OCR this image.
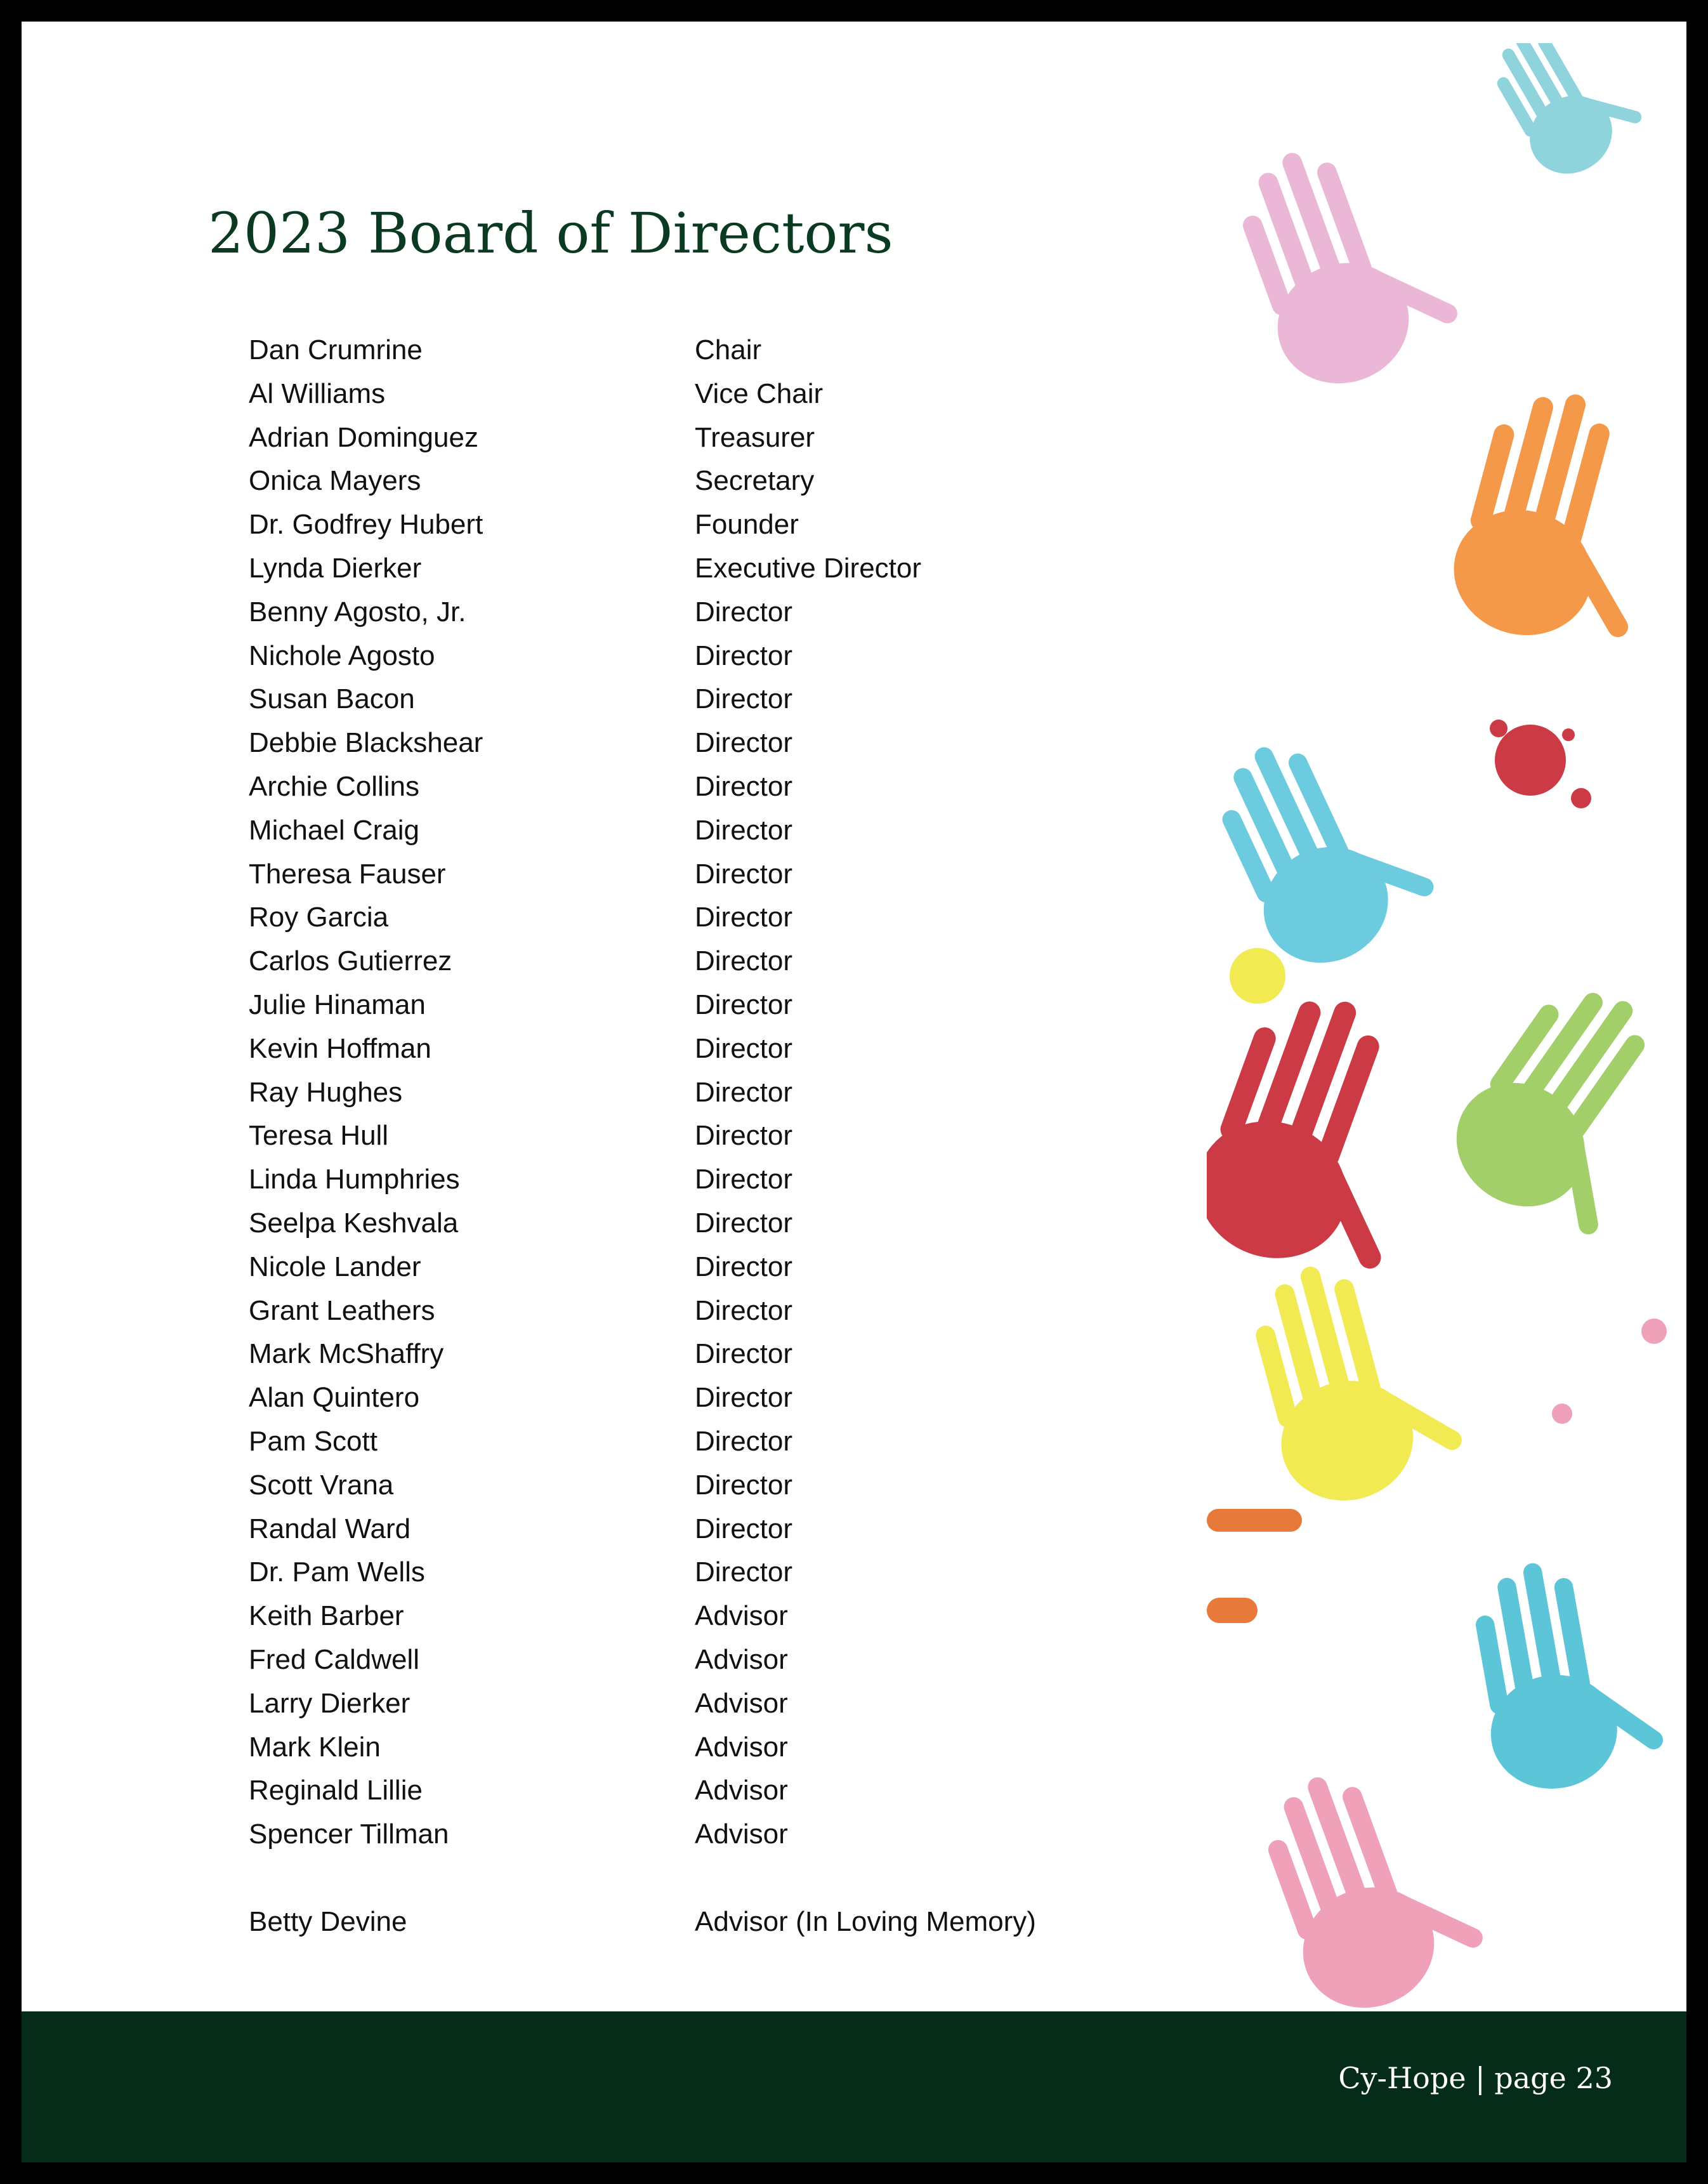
2023 Board of Directors
Dan Crumrine	Chair
Al Williams	Vice Chair
Adrian Dominguez	Treasurer
Onica Mayers	Secretary
Dr. Godfrey Hubert	Founder
Lynda Dierker	Executive Director
Benny Agosto, Jr.	Director
Nichole Agosto	Director
Susan Bacon	Director
Debbie Blackshear	Director
Archie Collins	Director
Michael Craig	Director
Theresa Fauser	Director
Roy Garcia	Director
Carlos Gutierrez	Director
Julie Hinaman	Director
Kevin Hoffman	Director
Ray Hughes	Director
Teresa Hull	Director
Linda Humphries	Director
Seelpa Keshvala	Director
Nicole Lander	Director
Grant Leathers	Director
Mark McShaffry	Director
Alan Quintero	Director
Pam Scott	Director
Scott Vrana	Director
Randal Ward	Director
Dr. Pam Wells	Director
Keith Barber	Advisor
Fred Caldwell	Advisor
Larry Dierker	Advisor
Mark Klein	Advisor
Reginald Lillie	Advisor
Spencer Tillman	Advisor
Betty Devine	Advisor (In Loving Memory)
Cy-Hope | page 23
